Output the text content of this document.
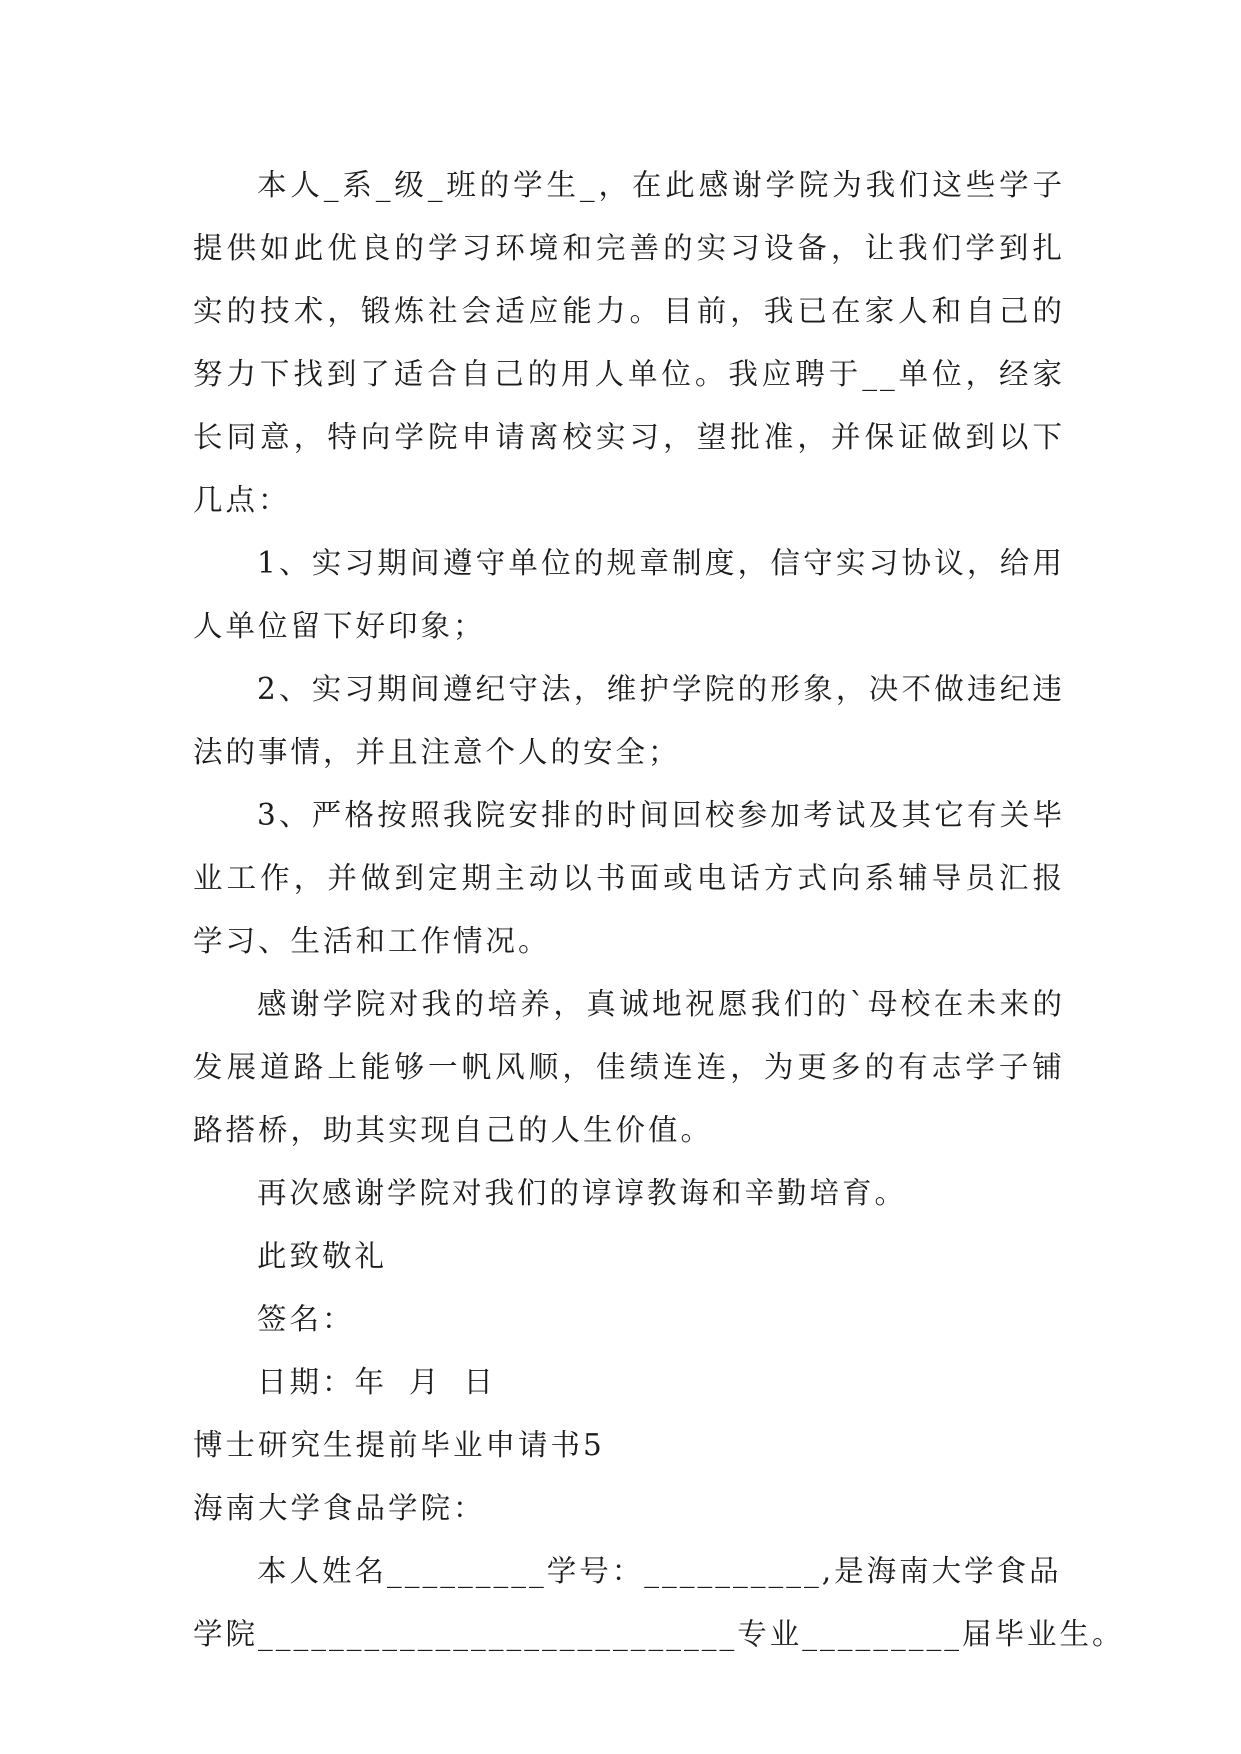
本人_系_级_班的学生_，在此感谢学院为我们这些学子提供如此优良的学习环境和完善的实习设备，让我们学到扎实的技术，锻炼社会适应能力。目前，我已在家人和自己的努力下找到了适合自己的用人单位。我应聘于__单位，经家长同意，特向学院申请离校实习，望批准，并保证做到以下几点：

1、实习期间遵守单位的规章制度，信守实习协议，给用人单位留下好印象；

2、实习期间遵纪守法，维护学院的形象，决不做违纪违法的事情，并且注意个人的安全；

3、严格按照我院安排的时间回校参加考试及其它有关毕业工作，并做到定期主动以书面或电话方式向系辅导员汇报学习、生活和工作情况。

感谢学院对我的培养，真诚地祝愿我们的`母校在未来的发展道路上能够一帆风顺，佳绩连连，为更多的有志学子铺路搭桥，助其实现自己的人生价值。

再次感谢学院对我们的谆谆教诲和辛勤培育。

此致敬礼

签名：

日期：年 月 日

博士研究生提前毕业申请书5

海南大学食品学院：

本人姓名_________学号：__________,是海南大学食品

学院___________________________专业_________届毕业生。
